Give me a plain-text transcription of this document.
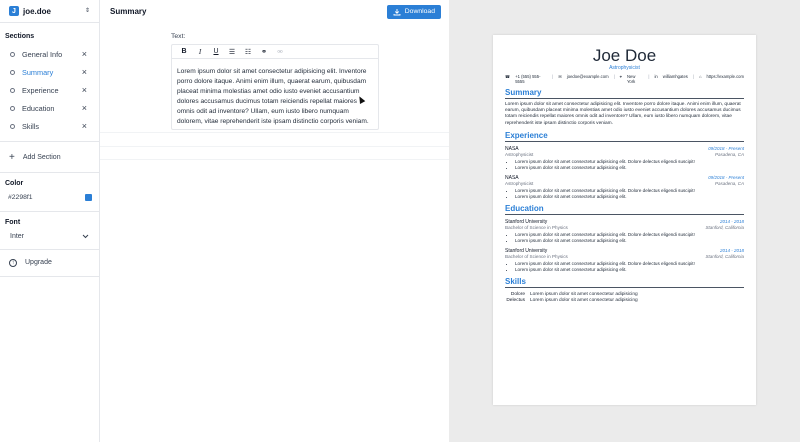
J joe.doe	⇕
Sections
General Info	×
Summary	×
Experience	×
Education	×
Skills	×
+ Add Section
Color
#2298f1
Font
Inter
↑	Upgrade
Summary	Download
Text:
B	I	U	☰	☷	⚭	⚮
Lorem ipsum dolor sit amet consectetur adipisicing elit. Inventore porro dolore itaque. Animi enim illum, quaerat earum, quibusdam placeat minima molestias amet odio iusto eveniet accusantium dolores accusamus ducimus totam reiciendis repellat maiores omnis odit ad inventore? Ullam, eum iusto libero numquam dolorem, vitae reprehenderit iste ipsam distinctio corporis veniam.
Joe Doe
Astrophysicist
☎ +1 (555) 555-5555
| ✉ joedoe@example.com | ⌖ New York
| in williamhgates | ⌂ https://example.com
Summary
Lorem ipsum dolor sit amet consectetur adipisicing elit. Inventore porro dolore itaque. Animi enim illum, quaerat earum, quibusdam placeat minima molestias amet odio iusto eveniet accusantium dolores accusamus ducimus totam reiciendis repellat maiores omnis odit ad inventore? Ullam, eum iusto libero numquam dolorem, vitae reprehenderit iste ipsam distinctio corporis veniam.
Experience
NASA	09/2018 - Present
Astrophysicist	Pasadena, CA
• Lorem ipsum dolor sit amet consectetur adipisicing elit. Dolore delectus eligendi suscipit!
• Lorem ipsum dolor sit amet consectetur adipisicing elit.
NASA	09/2018 - Present
Astrophysicist	Pasadena, CA
• Lorem ipsum dolor sit amet consectetur adipisicing elit. Dolore delectus eligendi suscipit!
• Lorem ipsum dolor sit amet consectetur adipisicing elit.
Education
Stanford University	2014 - 2018
Bachelor of Science in Physics	Stanford, California
• Lorem ipsum dolor sit amet consectetur adipisicing elit. Dolore delectus eligendi suscipit!
• Lorem ipsum dolor sit amet consectetur adipisicing elit.
Stanford University	2014 - 2018
Bachelor of Science in Physics	Stanford, California
• Lorem ipsum dolor sit amet consectetur adipisicing elit. Dolore delectus eligendi suscipit!
• Lorem ipsum dolor sit amet consectetur adipisicing elit.
Skills
Dolore Lorem ipsum dolor sit amet consectetur adipisicing
Delectus Lorem ipsum dolor sit amet consectetur adipisicing
